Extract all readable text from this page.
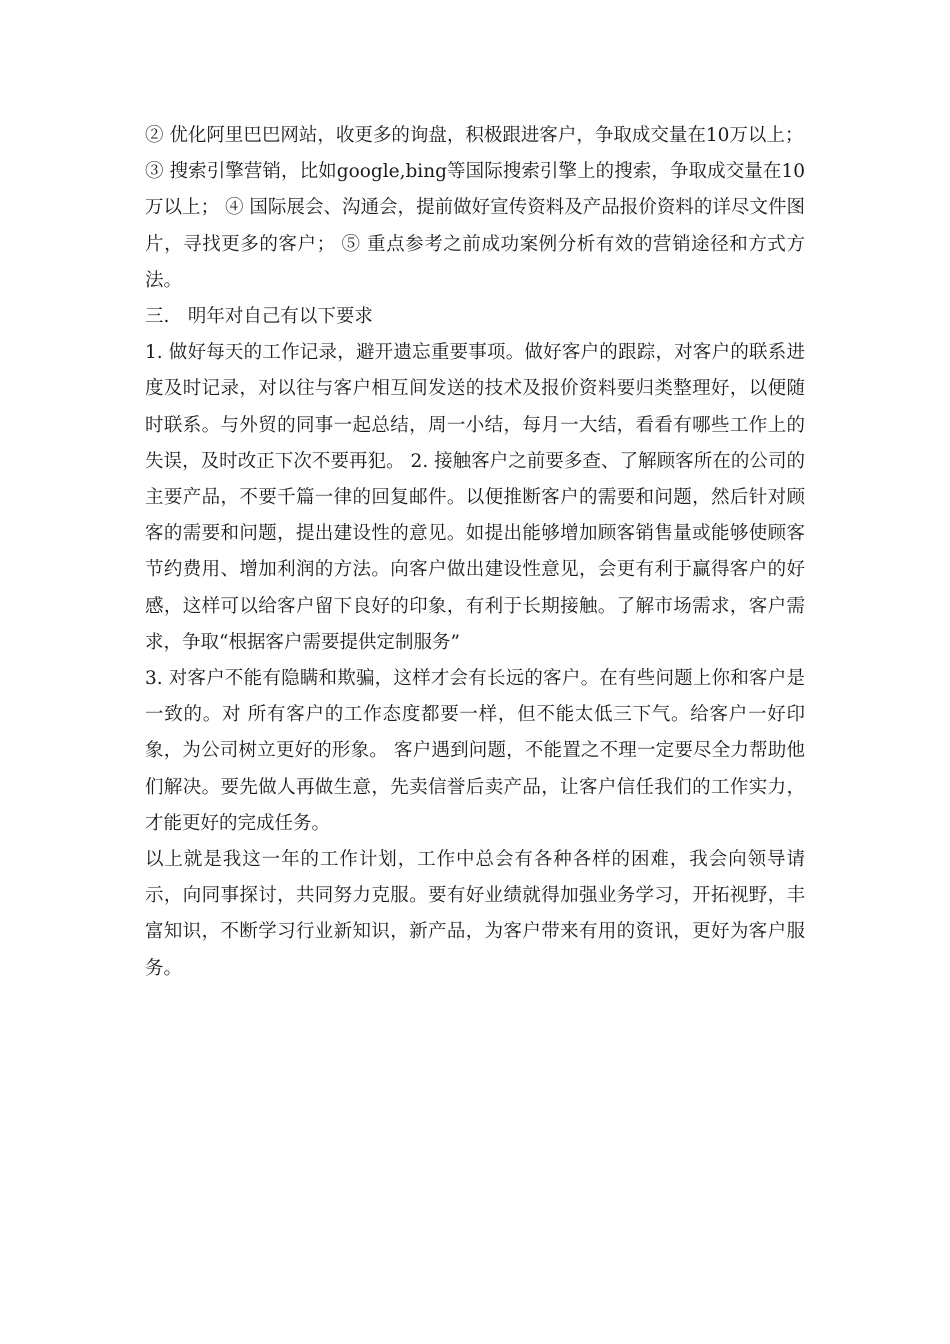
② 优化阿里巴巴网站，收更多的询盘，积极跟进客户，争取成交量在10万以上；

③ 搜索引擎营销，比如google,bing等国际搜索引擎上的搜索，争取成交量在10万以上； ④ 国际展会、沟通会，提前做好宣传资料及产品报价资料的详尽文件图片，寻找更多的客户； ⑤ 重点参考之前成功案例分析有效的营销途径和方式方法。

三.　明年对自己有以下要求

1. 做好每天的工作记录，避开遗忘重要事项。做好客户的跟踪，对客户的联系进度及时记录，对以往与客户相互间发送的技术及报价资料要归类整理好，以便随时联系。与外贸的同事一起总结，周一小结，每月一大结，看看有哪些工作上的失误，及时改正下次不要再犯。 2. 接触客户之前要多查、了解顾客所在的公司的主要产品，不要千篇一律的回复邮件。以便推断客户的需要和问题，然后针对顾客的需要和问题，提出建设性的意见。如提出能够增加顾客销售量或能够使顾客节约费用、增加利润的方法。向客户做出建设性意见，会更有利于赢得客户的好感，这样可以给客户留下良好的印象，有利于长期接触。了解市场需求，客户需求，争取“根据客户需要提供定制服务”

3. 对客户不能有隐瞒和欺骗，这样才会有长远的客户。在有些问题上你和客户是一致的。对 所有客户的工作态度都要一样，但不能太低三下气。给客户一好印象，为公司树立更好的形象。 客户遇到问题，不能置之不理一定要尽全力帮助他们解决。要先做人再做生意，先卖信誉后卖产品，让客户信任我们的工作实力，才能更好的完成任务。

以上就是我这一年的工作计划，工作中总会有各种各样的困难，我会向领导请示，向同事探讨，共同努力克服。要有好业绩就得加强业务学习，开拓视野，丰富知识，不断学习行业新知识，新产品，为客户带来有用的资讯，更好为客户服务。
